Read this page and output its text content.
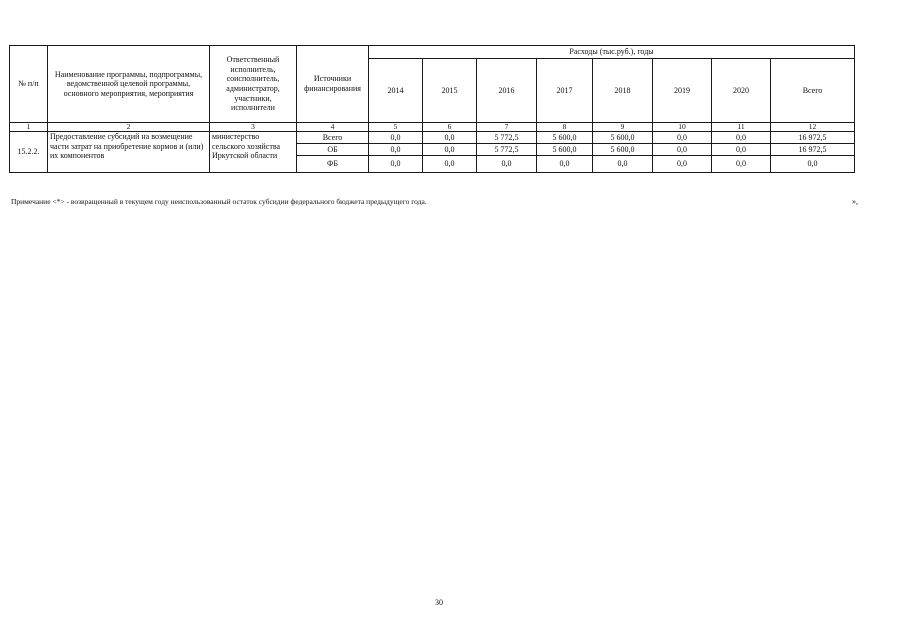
№ п/п	Наименование программы, подпрограммы, ведомственной целевой программы, основного мероприятия, мероприятия	Ответственный исполнитель, соисполнитель, администратор, участники, исполнители	Источники финансирования	Расходы (тыс.руб.), годы							
				2014	2015	2016	2017	2018	2019	2020	Всего
1	2	3	4	5	6	7	8	9	10	11	12
15.2.2.	Предоставление субсидий на возмещение части затрат на приобретение кормов и (или) их компонентов	министерство сельского хозяйства Иркутской области	Всего	0,0	0,0	5 772,5	5 600,0	5 600,0	0,0	0,0	16 972,5
			ОБ	0,0	0,0	5 772,5	5 600,0	5 600,0	0,0	0,0	16 972,5
			ФБ	0,0	0,0	0,0	0,0	0,0	0,0	0,0	0,0
Примечание <*> - возвращенный в текущем году неиспользованный остаток субсидии федерального бюджета предыдущего года.	»,
30
